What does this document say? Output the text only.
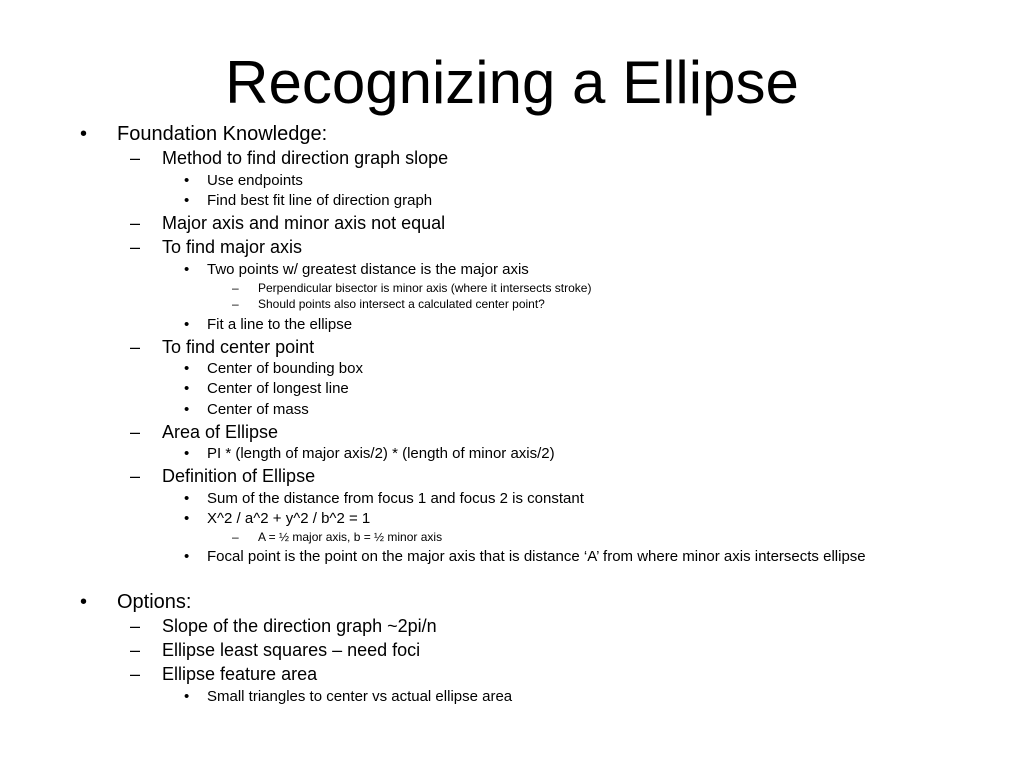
Recognizing a Ellipse
• Foundation Knowledge:
– Method to find direction graph slope
• Use endpoints
• Find best fit line of direction graph
– Major axis and minor axis not equal
– To find major axis
• Two points w/ greatest distance is the major axis
– Perpendicular bisector is minor axis (where it intersects stroke)
– Should points also intersect a calculated center point?
• Fit a line to the ellipse
– To find center point
• Center of bounding box
• Center of longest line
• Center of mass
– Area of Ellipse
• PI * (length of major axis/2) * (length of minor axis/2)
– Definition of Ellipse
• Sum of the distance from focus 1 and focus 2 is constant
• X^2 / a^2 + y^2 / b^2 = 1
– A = ½ major axis, b = ½ minor axis
• Focal point is the point on the major axis that is distance ‘A’ from where minor axis intersects ellipse
• Options:
– Slope of the direction graph ~2pi/n
– Ellipse least squares – need foci
– Ellipse feature area
• Small triangles to center vs actual ellipse area
